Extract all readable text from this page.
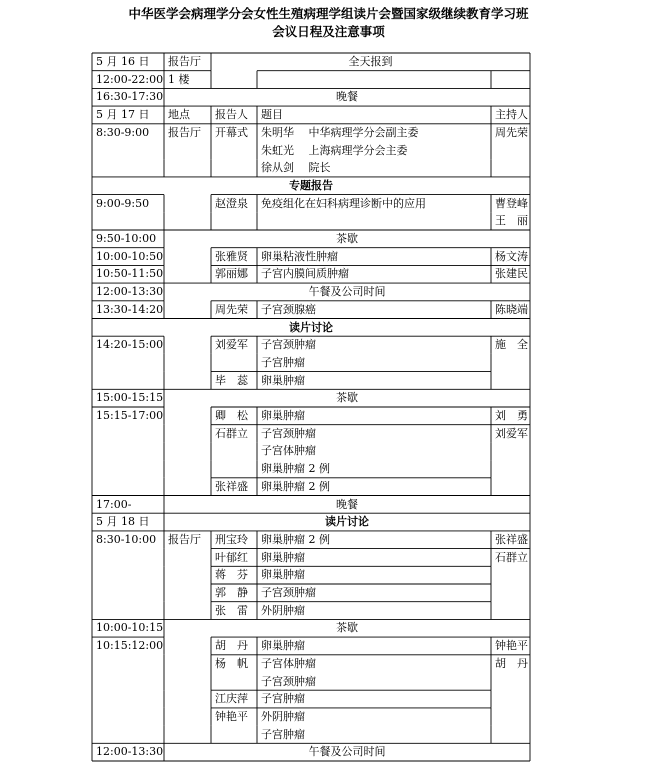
中华医学会病理学分会女性生殖病理学组读片会暨国家级继续教育学习班
会议日程及注意事项
5 月 16 日	报告厅	全天报到
12:00-22:00 1 楼
16:30-17:30	晚餐
5 月 17 日	地点	报告人	题目	主持人
8:30-9:00	报告厅	开幕式	朱明华　 中华病理学分会副主委	周先荣
朱虹光　 上海病理学分会主委
徐从剑　 院长
专题报告
9:00-9:50	赵澄泉	免疫组化在妇科病理诊断中的应用	曹登峰
王　丽
9:50-10:00	茶歇
10:00-10:50	张雅贤	卵巢粘液性肿瘤	杨文涛
10:50-11:50	郭丽娜	子宫内膜间质肿瘤	张建民
12:00-13:30	午餐及公司时间
13:30-14:20	周先荣	子宫颈腺癌	陈晓端
读片讨论
14:20-15:00	刘爱军	子宫颈肿瘤	施　全
子宫肿瘤
毕　蕊	卵巢肿瘤
15:00-15:15	茶歇
15:15-17:00	卿　松	卵巢肿瘤	刘　勇
石群立	子宫颈肿瘤	刘爱军
子宫体肿瘤
卵巢肿瘤 2 例
张祥盛	卵巢肿瘤 2 例
17:00-	晚餐
5 月 18 日	读片讨论
8:30-10:00	报告厅	刑宝玲	卵巢肿瘤 2 例	张祥盛
叶郁红	卵巢肿瘤	石群立
蒋　芬	卵巢肿瘤
郭　静	子宫颈肿瘤
张　雷	外阴肿瘤
10:00-10:15	茶歇
10:15:12:00	胡　丹	卵巢肿瘤	钟艳平
杨　帆	子宫体肿瘤	胡　丹
子宫颈肿瘤
江庆萍	子宫肿瘤
钟艳平	外阴肿瘤
子宫肿瘤
12:00-13:30	午餐及公司时间
